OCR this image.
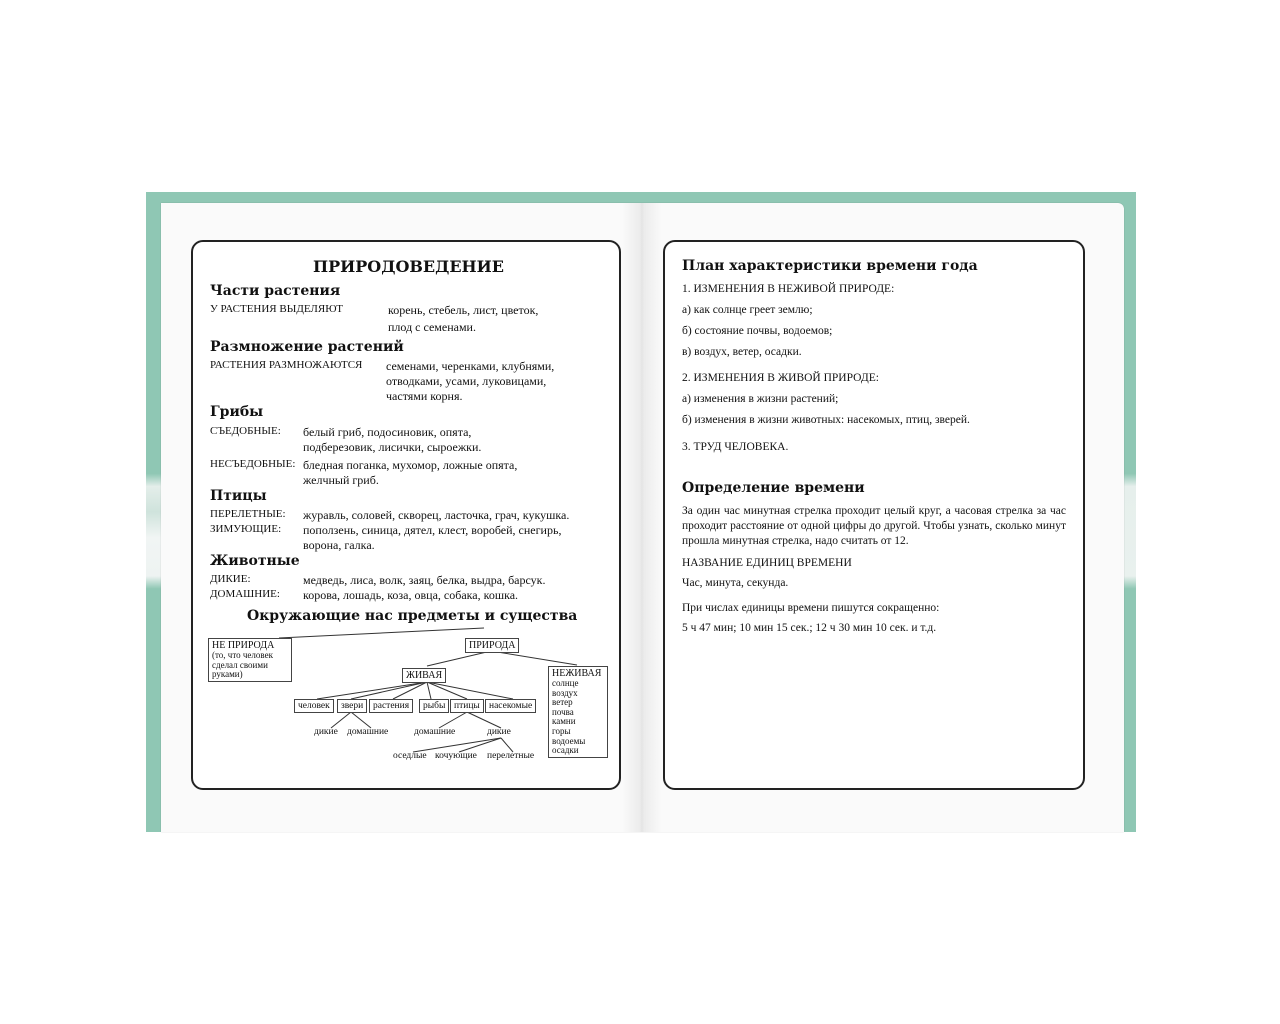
ПРИРОДОВЕДЕНИЕ
Части растения
У РАСТЕНИЯ ВЫДЕЛЯЮТ	корень, стебель, лист, цветок,
плод с семенами.
Размножение растений
РАСТЕНИЯ РАЗМНОЖАЮТСЯ семенами, черенками, клубнями,
отводками, усами, луковицами,
частями корня.
Грибы
СЪЕДОБНЫЕ: белый гриб, подосиновик, опята,
подберезовик, лисички, сыроежки.
НЕСЪЕДОБНЫЕ: бледная поганка, мухомор, ложные опята,
желчный гриб.
Птицы
ПЕРЕЛЕТНЫЕ: журавль, соловей, скворец, ласточка, грач, кукушка.
ЗИМУЮЩИЕ: поползень, синица, дятел, клест, воробей, снегирь,
ворона, галка.
Животные
ДИКИЕ:	медведь, лиса, волк, заяц, белка, выдра, барсук.
ДОМАШНИЕ: корова, лошадь, коза, овца, собака, кошка.
Окружающие нас предметы и существа
НЕ ПРИРОДА
(то, что человек
сделал своими
руками)
ПРИРОДА
ЖИВАЯ	НЕЖИВАЯ
солнце
воздух
ветер
почва
камни
горы
водоемы
осадки
человек	звери	растения	рыбы птицы насекомые
дикие домашние	домашние	дикие
оседлые кочующие перелетные
План характеристики времени года
1. ИЗМЕНЕНИЯ В НЕЖИВОЙ ПРИРОДЕ:
а) как солнце греет землю;
б) состояние почвы, водоемов;
в) воздух, ветер, осадки.
2. ИЗМЕНЕНИЯ В ЖИВОЙ ПРИРОДЕ:
а) изменения в жизни растений;
б) изменения в жизни животных: насекомых, птиц, зверей.
3. ТРУД ЧЕЛОВЕКА.
Определение времени
За один час минутная стрелка проходит целый круг, а часовая стрелка за час проходит расстояние от одной цифры до другой. Чтобы узнать, сколько минут прошла минутная стрелка, надо считать от 12.
НАЗВАНИЕ ЕДИНИЦ ВРЕМЕНИ
Час, минута, секунда.
При числах единицы времени пишутся сокращенно:
5 ч 47 мин; 10 мин 15 сек.; 12 ч 30 мин 10 сек. и т.д.
